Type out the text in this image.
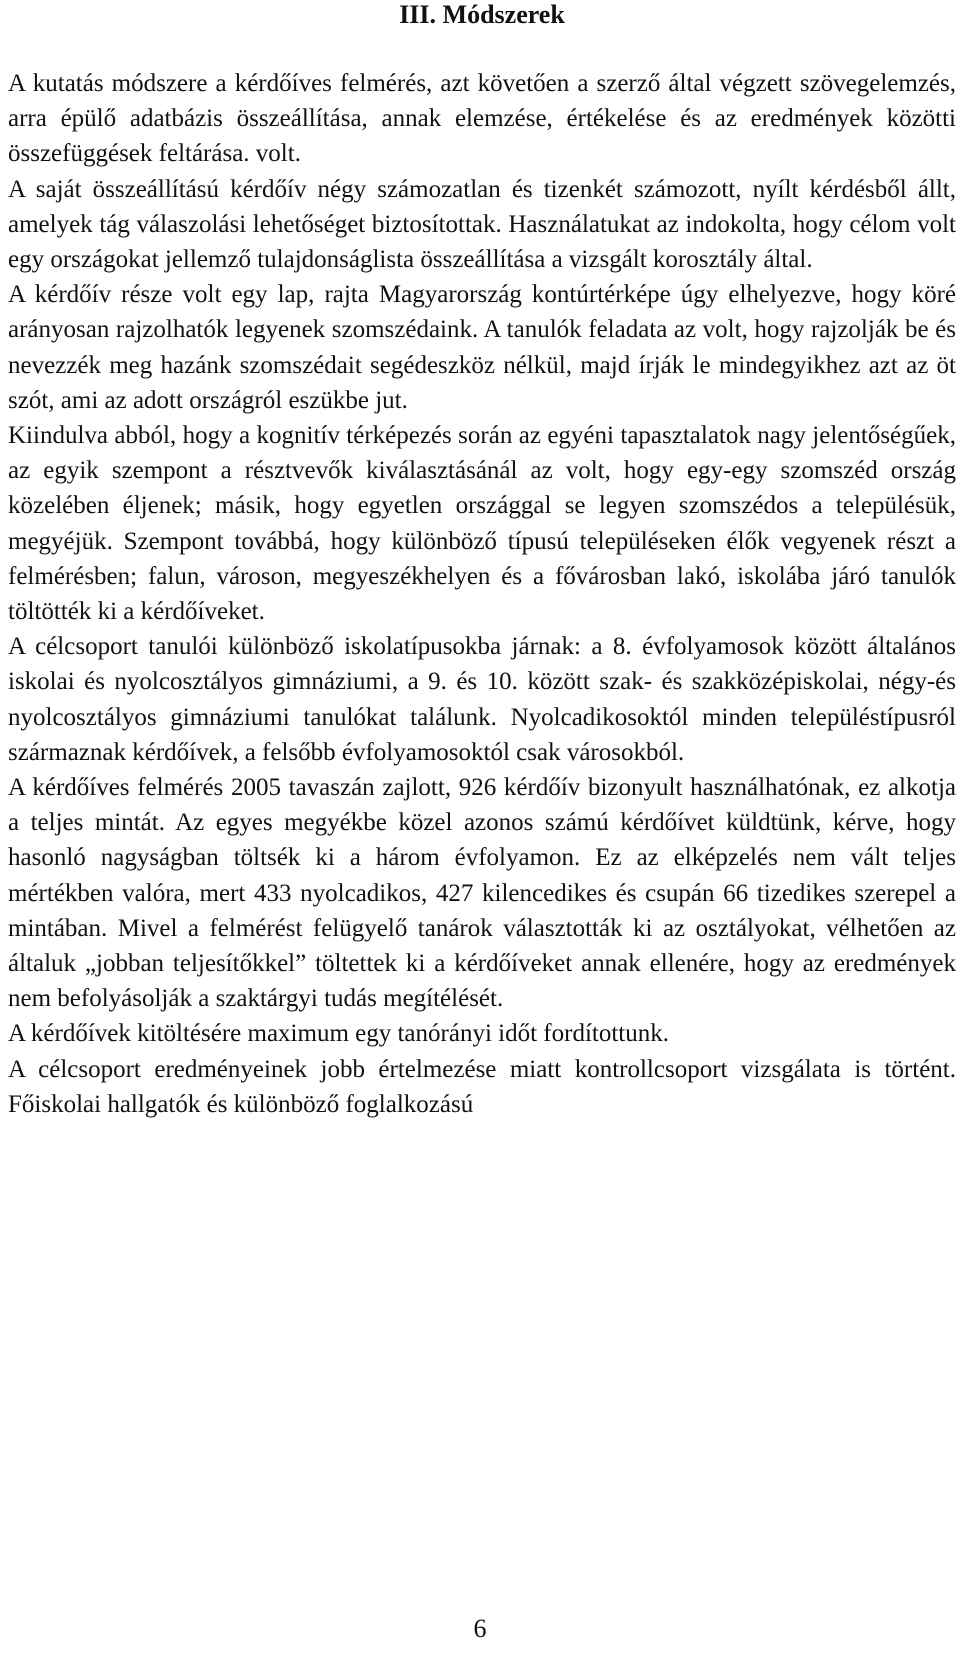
III. Módszerek

A kutatás módszere a kérdőíves felmérés, azt követően a szerző által végzett szövegelemzés, arra épülő adatbázis összeállítása, annak elemzése, értékelése és az eredmények közötti összefüggések feltárása. volt.

A saját összeállítású kérdőív négy számozatlan és tizenkét számozott, nyílt kérdésből állt, amelyek tág válaszolási lehetőséget biztosítottak. Használatukat az indokolta, hogy célom volt egy országokat jellemző tulajdonságlista összeállítása a vizsgált korosztály által.

A kérdőív része volt egy lap, rajta Magyarország kontúrtérképe úgy elhelyezve, hogy köré arányosan rajzolhatók legyenek szomszédaink. A tanulók feladata az volt, hogy rajzolják be és nevezzék meg hazánk szomszédait segédeszköz nélkül, majd írják le mindegyikhez azt az öt szót, ami az adott országról eszükbe jut.

Kiindulva abból, hogy a kognitív térképezés során az egyéni tapasztalatok nagy jelentőségűek, az egyik szempont a résztvevők kiválasztásánál az volt, hogy egy-egy szomszéd ország közelében éljenek; másik, hogy egyetlen országgal se legyen szomszédos a településük, megyéjük. Szempont továbbá, hogy különböző típusú településeken élők vegyenek részt a felmérésben; falun, városon, megyeszékhelyen és a fővárosban lakó, iskolába járó tanulók töltötték ki a kérdőíveket.

A célcsoport tanulói különböző iskolatípusokba járnak: a 8. évfolyamosok között általános iskolai és nyolcosztályos gimnáziumi, a 9. és 10. között szak- és szakközépiskolai, négy-és nyolcosztályos gimnáziumi tanulókat találunk. Nyolcadikosoktól minden településtípusról származnak kérdőívek, a felsőbb évfolyamosoktól csak városokból.

A kérdőíves felmérés 2005 tavaszán zajlott, 926 kérdőív bizonyult használhatónak, ez alkotja a teljes mintát. Az egyes megyékbe közel azonos számú kérdőívet küldtünk, kérve, hogy hasonló nagyságban töltsék ki a három évfolyamon. Ez az elképzelés nem vált teljes mértékben valóra, mert 433 nyolcadikos, 427 kilencedikes és csupán 66 tizedikes szerepel a mintában. Mivel a felmérést felügyelő tanárok választották ki az osztályokat, vélhetően az általuk „jobban teljesítőkkel” töltettek ki a kérdőíveket annak ellenére, hogy az eredmények nem befolyásolják a szaktárgyi tudás megítélését.

A kérdőívek kitöltésére maximum egy tanórányi időt fordítottunk.

A célcsoport eredményeinek jobb értelmezése miatt kontrollcsoport vizsgálata is történt. Főiskolai hallgatók és különböző foglalkozású

6
